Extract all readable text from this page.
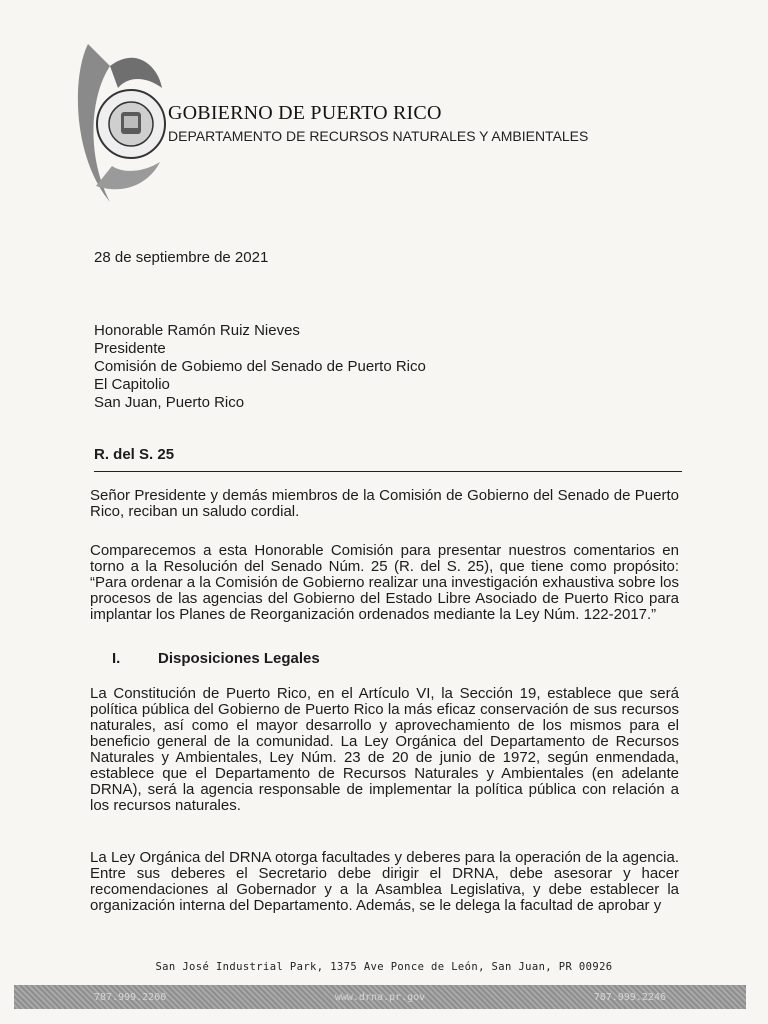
GOBIERNO DE PUERTO RICO
DEPARTAMENTO DE RECURSOS NATURALES Y AMBIENTALES
28 de septiembre de 2021
Honorable Ramón Ruiz Nieves
Presidente
Comisión de Gobiemo del Senado de Puerto Rico
El Capitolio
San Juan, Puerto Rico
R. del S. 25
Señor Presidente y demás miembros de la Comisión de Gobierno del Senado de Puerto Rico, reciban un saludo cordial.
Comparecemos a esta Honorable Comisión para presentar nuestros comentarios en torno a la Resolución del Senado Núm. 25 (R. del S. 25), que tiene como propósito: “Para ordenar a la Comisión de Gobierno realizar una investigación exhaustiva sobre los procesos de las agencias del Gobierno del Estado Libre Asociado de Puerto Rico para implantar los Planes de Reorganización ordenados mediante la Ley Núm. 122-2017.”
I.	Disposiciones Legales
La Constitución de Puerto Rico, en el Artículo VI, la Sección 19, establece que será política pública del Gobierno de Puerto Rico la más eficaz conservación de sus recursos naturales, así como el mayor desarrollo y aprovechamiento de los mismos para el beneficio general de la comunidad. La Ley Orgánica del Departamento de Recursos Naturales y Ambientales, Ley Núm. 23 de 20 de junio de 1972, según enmendada, establece que el Departamento de Recursos Naturales y Ambientales (en adelante DRNA), será la agencia responsable de implementar la política pública con relación a los recursos naturales.
La Ley Orgánica del DRNA otorga facultades y deberes para la operación de la agencia. Entre sus deberes el Secretario debe dirigir el DRNA, debe asesorar y hacer recomendaciones al Gobernador y a la Asamblea Legislativa, y debe establecer la organización interna del Departamento. Además, se le delega la facultad de aprobar y
San José Industrial Park, 1375 Ave Ponce de León, San Juan, PR 00926
787.999.2200	www.drna.pr.gov	787.999.2246
